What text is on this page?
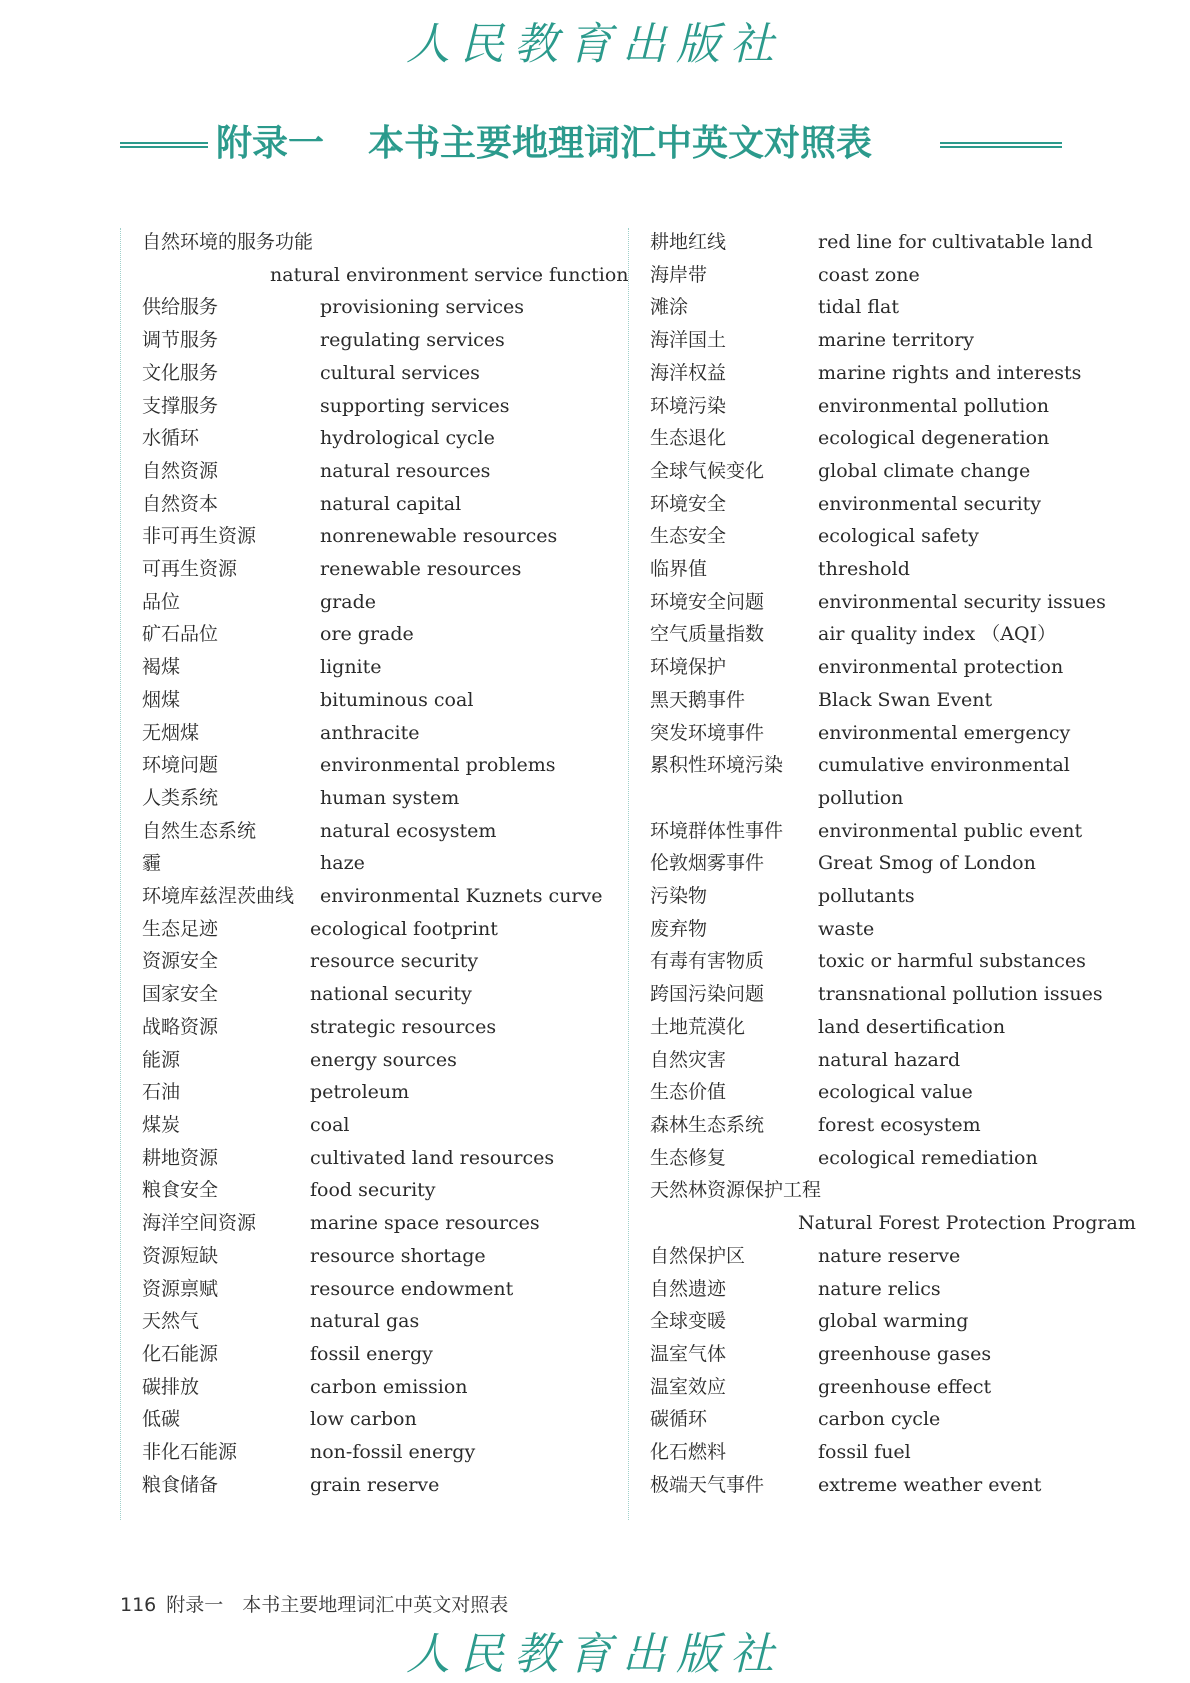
人民教育出版社
附录一 本书主要地理词汇中英文对照表
自然环境的服务功能
natural environment service function
供给服务	provisioning services
调节服务	regulating services
文化服务	cultural services
支撑服务	supporting services
水循环	hydrological cycle
自然资源	natural resources
自然资本	natural capital
非可再生资源	nonrenewable resources
可再生资源	renewable resources
品位	grade
矿石品位	ore grade
褐煤	lignite
烟煤	bituminous coal
无烟煤	anthracite
环境问题	environmental problems
人类系统	human system
自然生态系统	natural ecosystem
霾	haze
环境库兹涅茨曲线 environmental Kuznets curve
生态足迹	ecological footprint
资源安全	resource security
国家安全	national security
战略资源	strategic resources
能源	energy sources
石油	petroleum
煤炭	coal
耕地资源	cultivated land resources
粮食安全	food security
海洋空间资源	marine space resources
资源短缺	resource shortage
资源禀赋	resource endowment
天然气	natural gas
化石能源	fossil energy
碳排放	carbon emission
低碳	low carbon
非化石能源	non-fossil energy
粮食储备	grain reserve
耕地红线	red line for cultivatable land
海岸带	coast zone
滩涂	tidal flat
海洋国土	marine territory
海洋权益	marine rights and interests
环境污染	environmental pollution
生态退化	ecological degeneration
全球气候变化	global climate change
环境安全	environmental security
生态安全	ecological safety
临界值	threshold
环境安全问题	environmental security issues
空气质量指数	air quality index （AQI）
环境保护	environmental protection
黑天鹅事件	Black Swan Event
突发环境事件	environmental emergency
累积性环境污染 cumulative environmental
pollution
环境群体性事件 environmental public event
伦敦烟雾事件	Great Smog of London
污染物	pollutants
废弃物	waste
有毒有害物质	toxic or harmful substances
跨国污染问题	transnational pollution issues
土地荒漠化	land desertification
自然灾害	natural hazard
生态价值	ecological value
森林生态系统	forest ecosystem
生态修复	ecological remediation
天然林资源保护工程
Natural Forest Protection Program
自然保护区	nature reserve
自然遗迹	nature relics
全球变暖	global warming
温室气体	greenhouse gases
温室效应	greenhouse effect
碳循环	carbon cycle
化石燃料	fossil fuel
极端天气事件	extreme weather event
116 附录一　本书主要地理词汇中英文对照表
人民教育出版社
